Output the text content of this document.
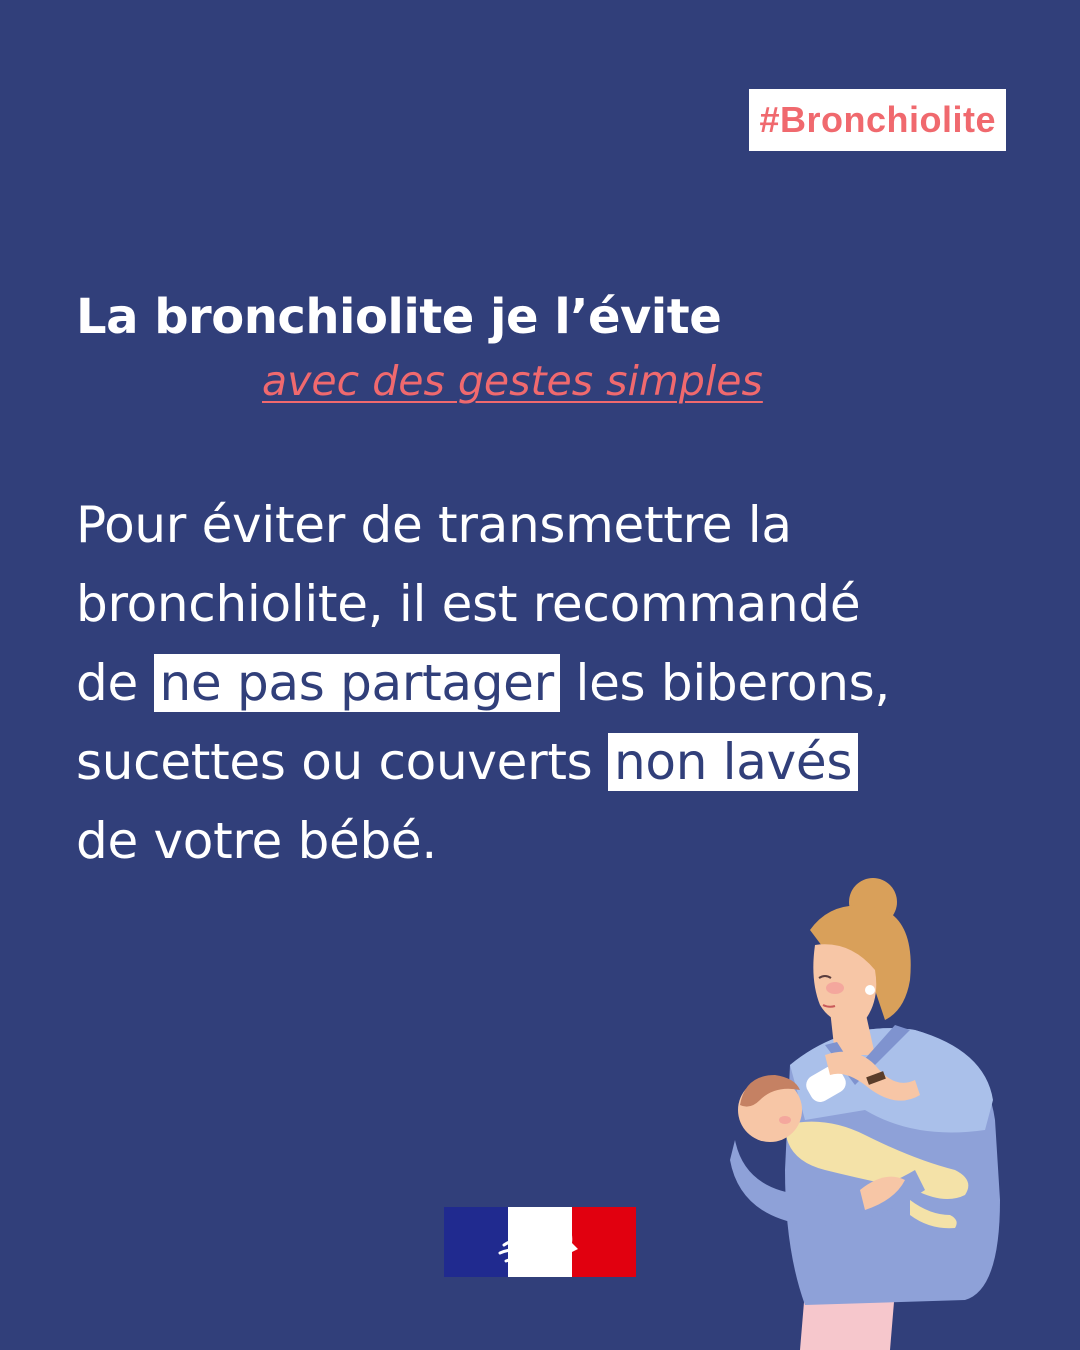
#Bronchiolite
La bronchiolite je l’évite
avec des gestes simples
Pour éviter de transmettre la
bronchiolite, il est recommandé
de ne pas partager les biberons,
sucettes ou couverts non lavés
de votre bébé.
